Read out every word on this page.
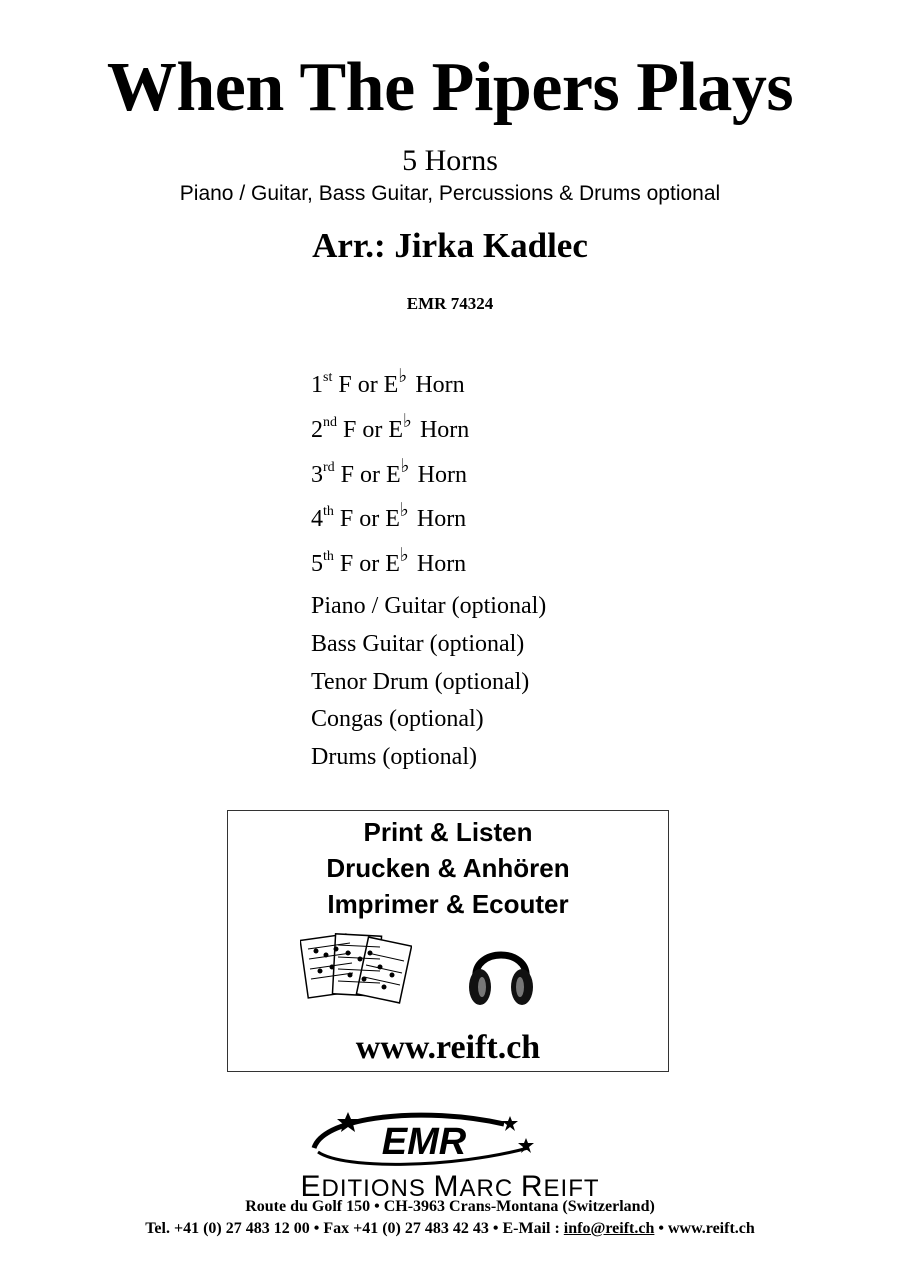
When The Pipers Plays
5 Horns
Piano / Guitar, Bass Guitar, Percussions & Drums optional
Arr.: Jirka Kadlec
EMR 74324
1st F or E♭ Horn
2nd F or E♭ Horn
3rd F or E♭ Horn
4th F or E♭ Horn
5th F or E♭ Horn
Piano / Guitar (optional)
Bass Guitar (optional)
Tenor Drum (optional)
Congas (optional)
Drums (optional)
Print & Listen
Drucken & Anhören
Imprimer & Ecouter
www.reift.ch
EMR
EDITIONS MARC REIFT
Route du Golf 150 • CH-3963 Crans-Montana (Switzerland)
Tel. +41 (0) 27 483 12 00 • Fax +41 (0) 27 483 42 43 • E-Mail : info@reift.ch • www.reift.ch
